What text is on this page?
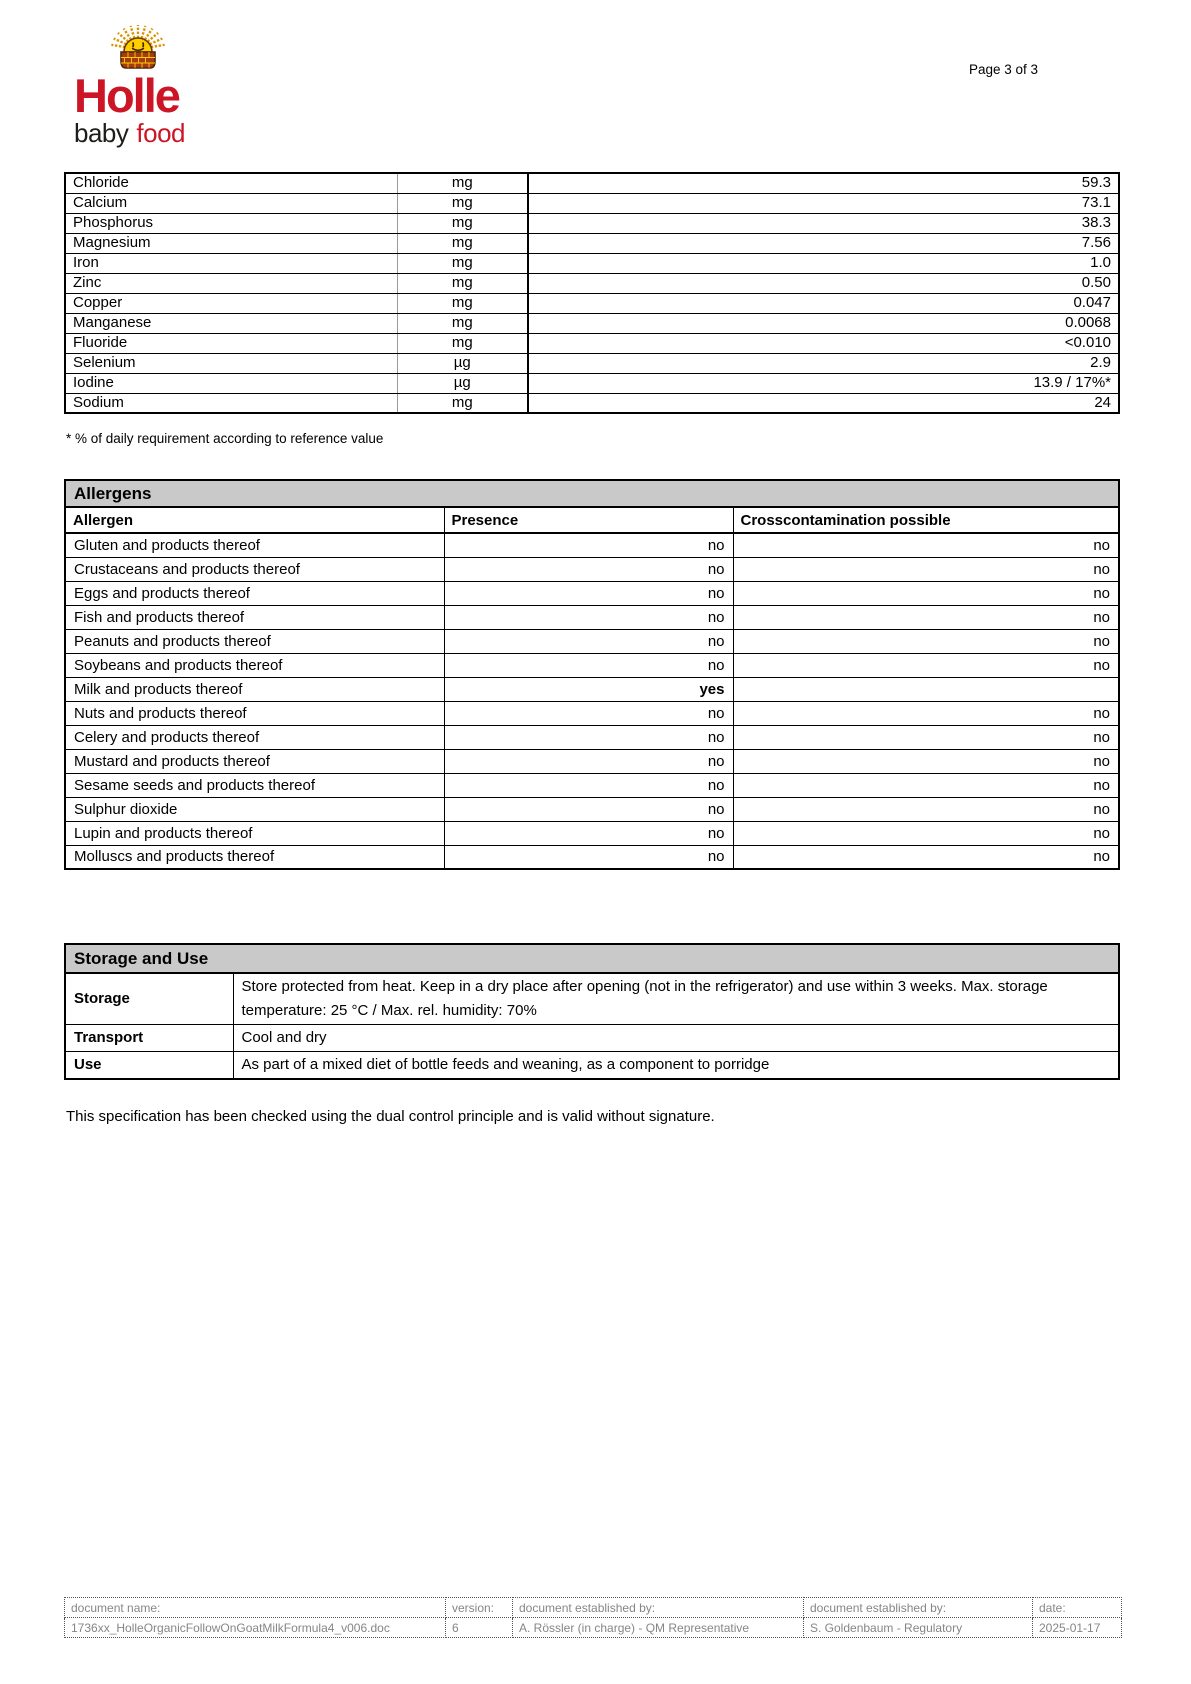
Holle
baby food
Page 3 of 3
Chloride	mg	59.3
Calcium	mg	73.1
Phosphorus	mg	38.3
Magnesium	mg	7.56
Iron	mg	1.0
Zinc	mg	0.50
Copper	mg	0.047
Manganese	mg	0.0068
Fluoride	mg	<0.010
Selenium	µg	2.9
Iodine	µg	13.9 / 17%*
Sodium	mg	24
* % of daily requirement according to reference value
Allergens		
Allergen	Presence	Crosscontamination possible
Gluten and products thereof	no	no
Crustaceans and products thereof	no	no
Eggs and products thereof	no	no
Fish and products thereof	no	no
Peanuts and products thereof	no	no
Soybeans and products thereof	no	no
Milk and products thereof	yes	
Nuts and products thereof	no	no
Celery and products thereof	no	no
Mustard and products thereof	no	no
Sesame seeds and products thereof	no	no
Sulphur dioxide	no	no
Lupin and products thereof	no	no
Molluscs and products thereof	no	no
Storage and Use	
Storage	Store protected from heat. Keep in a dry place after opening (not in the refrigerator) and use within 3 weeks. Max. storage temperature: 25 °C / Max. rel. humidity: 70%
Transport	Cool and dry
Use	As part of a mixed diet of bottle feeds and weaning, as a component to porridge
This specification has been checked using the dual control principle and is valid without signature.
document name:	version:	document established by:	document established by:	date:
1736xx_HolleOrganicFollowOnGoatMilkFormula4_v006.doc	6	A. Rössler (in charge) - QM Representative	S. Goldenbaum - Regulatory	2025-01-17
